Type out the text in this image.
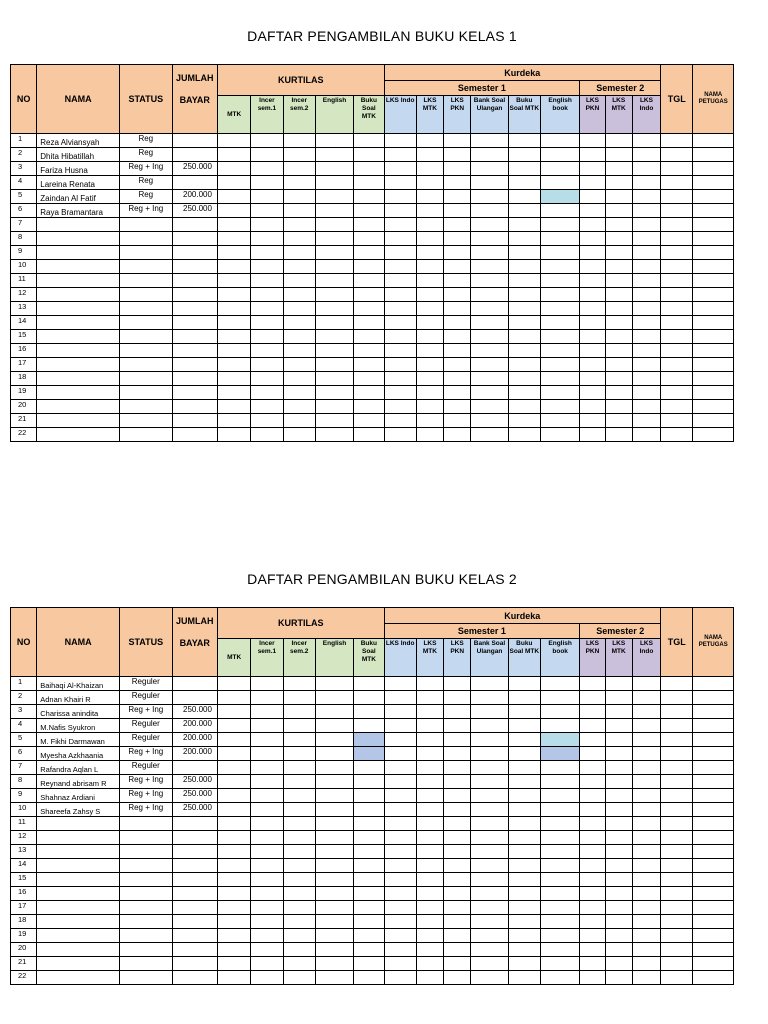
DAFTAR PENGAMBILAN BUKU KELAS 1
NO	NAMA	STATUS	JUMLAH
BAYAR	KURTILAS					Kurdeka									TGL	NAMA PETUGAS
									Semester 1						Semester 2				
				MTK	Incer sem.1	Incer sem.2	English	Buku Soal MTK	LKS Indo	LKS MTK	LKS PKN	Bank Soal Ulangan	Buku Soal MTK	English book	LKS PKN	LKS MTK	LKS Indo		
1	Reza Alviansyah	Reg																	
2	Dhita Hibatillah	Reg																	
3	Fariza Husna	Reg + Ing	250.000																
4	Lareina Renata	Reg																	
5	Zaindan Al Fatif	Reg	200.000																
6	Raya Bramantara	Reg + Ing	250.000																
7																			
8																			
9																			
10																			
11																			
12																			
13																			
14																			
15																			
16																			
17																			
18																			
19																			
20																			
21																			
22																			
DAFTAR PENGAMBILAN BUKU KELAS 2
NO	NAMA	STATUS	JUMLAH
BAYAR	KURTILAS					Kurdeka									TGL	NAMA PETUGAS
									Semester 1						Semester 2				
				MTK	Incer sem.1	Incer sem.2	English	Buku Soal MTK	LKS Indo	LKS MTK	LKS PKN	Bank Soal Ulangan	Buku Soal MTK	English book	LKS PKN	LKS MTK	LKS Indo		
1	Baihaqi Al-Khaizan	Reguler																	
2	Adnan Khairi R	Reguler																	
3	Charissa anindita	Reg + Ing	250.000																
4	M.Nafis Syukron	Reguler	200.000																
5	M. Fikhi Darmawan	Reguler	200.000																
6	Myesha Azkhaania	Reg + Ing	200.000																
7	Rafandra Aqlan L	Reguler																	
8	Reynand abrisam R	Reg + Ing	250.000																
9	Shahnaz Ardiani	Reg + Ing	250.000																
10	Shareefa Zahsy S	Reg + Ing	250.000																
11																			
12																			
13																			
14																			
15																			
16																			
17																			
18																			
19																			
20																			
21																			
22																			
